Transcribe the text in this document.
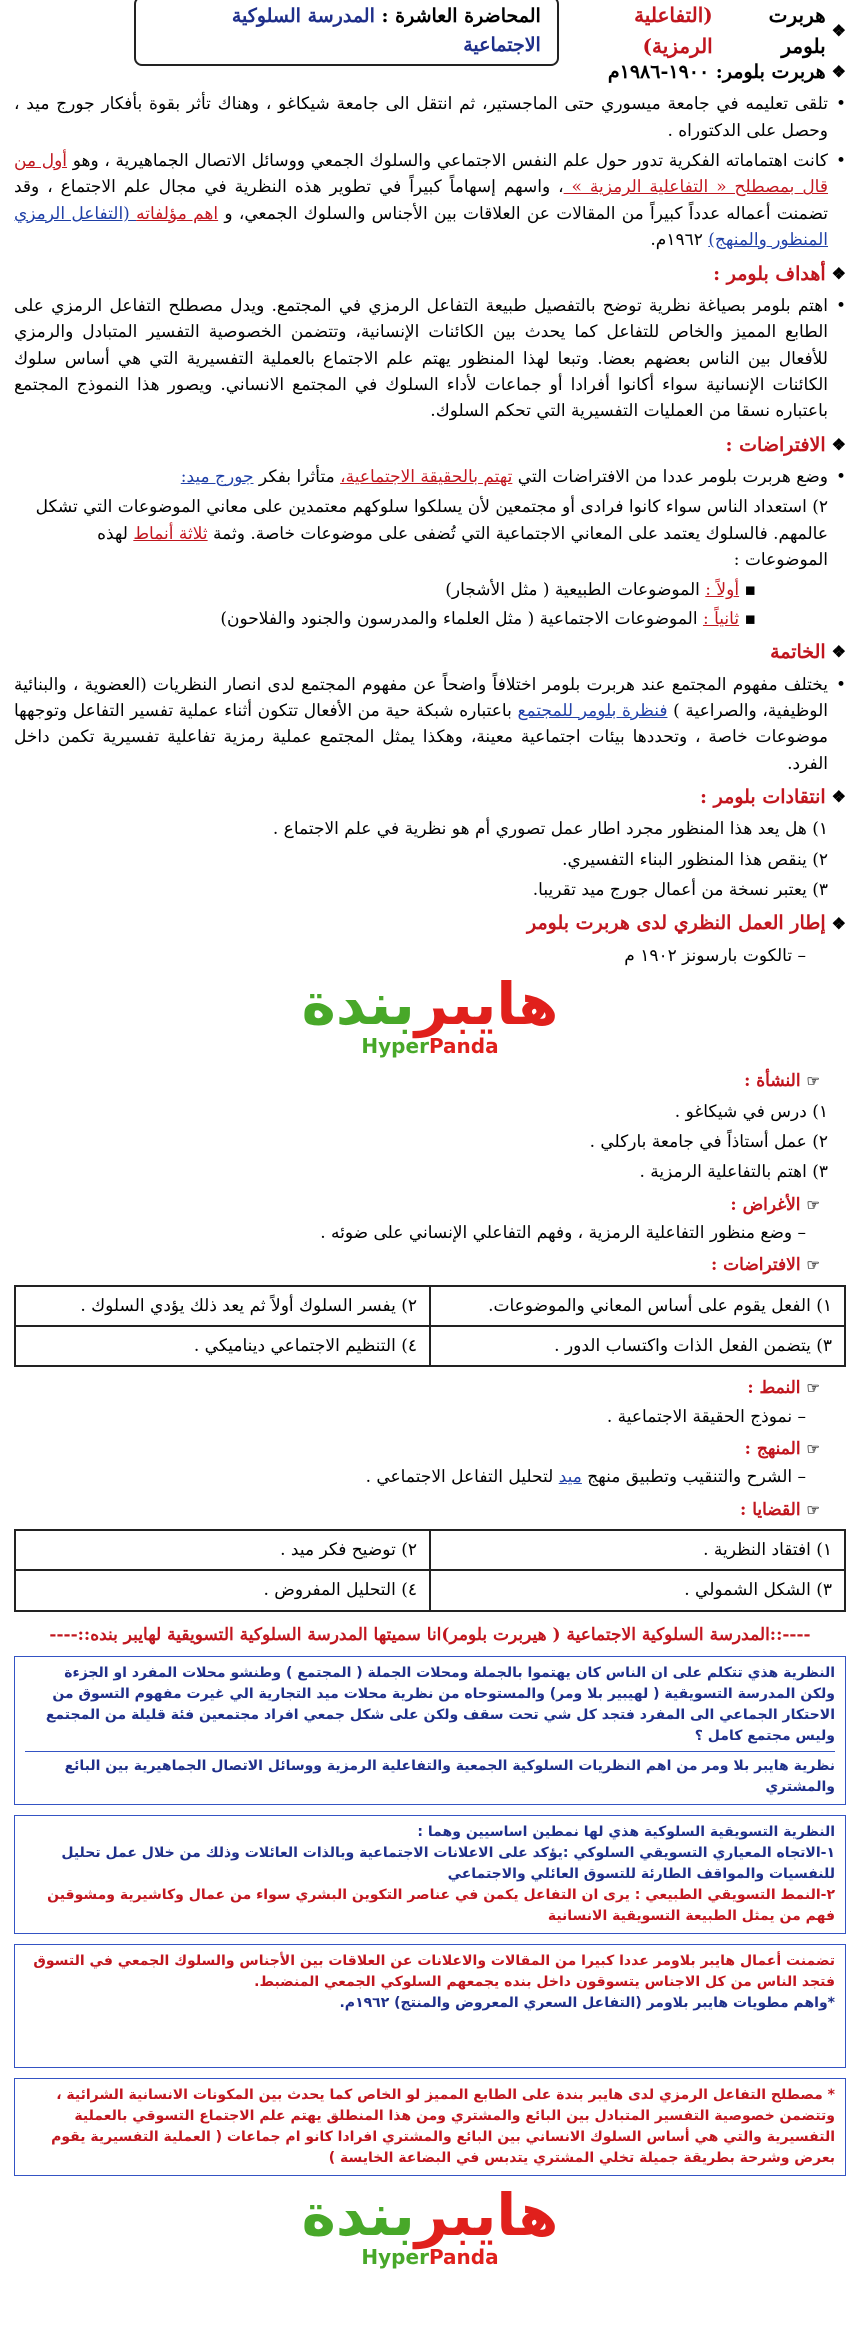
❖
هربرت بلومر
(التفاعلية الرمزية)
المحاضرة العاشرة : المدرسة السلوكية الاجتماعية
❖
هربرت بلومر: ١٩٠٠-١٩٨٦م

• تلقى تعليمه في جامعة ميسوري حتى الماجستير، ثم انتقل الى جامعة شيكاغو ، وهناك تأثر بقوة بأفكار جورج ميد ، وحصل على الدكتوراه .

• كانت اهتماماته الفكرية تدور حول علم النفس الاجتماعي والسلوك الجمعي ووسائل الاتصال الجماهيرية ، وهو أول من قال بمصطلح « التفاعلية الرمزية » ، واسهم إسهاماً كبيراً في تطوير هذه النظرية في مجال علم الاجتماع ، وقد تضمنت أعماله عدداً كبيراً من المقالات عن العلاقات بين الأجناس والسلوك الجمعي، و اهم مؤلفاته (التفاعل الرمزي المنظور والمنهج) ١٩٦٢م.

❖
أهداف بلومر :

• اهتم بلومر بصياغة نظرية توضح بالتفصيل طبيعة التفاعل الرمزي في المجتمع. ويدل مصطلح التفاعل الرمزي على الطابع المميز والخاص للتفاعل كما يحدث بين الكائنات الإنسانية، وتتضمن الخصوصية التفسير المتبادل والرمزي للأفعال بين الناس بعضهم بعضا. وتبعا لهذا المنظور يهتم علم الاجتماع بالعملية التفسيرية التي هي أساس سلوك الكائنات الإنسانية سواء أكانوا أفرادا أو جماعات لأداء السلوك في المجتمع الانساني. ويصور هذا النموذج المجتمع باعتباره نسقا من العمليات التفسيرية التي تحكم السلوك.

❖
الافتراضات :

• وضع هربرت بلومر عددا من الافتراضات التي تهتم بالحقيقة الاجتماعية، متأثرا بفكر جورج ميد:

٢) استعداد الناس سواء كانوا فرادى أو مجتمعين لأن يسلكوا سلوكهم معتمدين على معاني الموضوعات التي تشكل عالمهم. فالسلوك يعتمد على المعاني الاجتماعية التي تُضفى على موضوعات خاصة. وثمة ثلاثة أنماط لهذه الموضوعات :

▪ أولاً : الموضوعات الطبيعية ( مثل الأشجار)
▪ ثانياً : الموضوعات الاجتماعية ( مثل العلماء والمدرسون والجنود والفلاحون)
❖
الخاتمة

• يختلف مفهوم المجتمع عند هربرت بلومر اختلافاً واضحاً عن مفهوم المجتمع لدى انصار النظريات (العضوية ، والبنائية الوظيفية، والصراعية ) فنظرة بلومر للمجتمع باعتباره شبكة حية من الأفعال تتكون أثناء عملية تفسير التفاعل وتوجهها موضوعات خاصة ، وتحددها بيئات اجتماعية معينة، وهكذا يمثل المجتمع عملية رمزية تفاعلية تفسيرية تكمن داخل الفرد.

❖
انتقادات بلومر :
١) هل يعد هذا المنظور مجرد اطار عمل تصوري أم هو نظرية في علم الاجتماع .
٢) ينقص هذا المنظور البناء التفسيري.
٣) يعتبر نسخة من أعمال جورج ميد تقريبا.
❖
إطار العمل النظري لدى هربرت بلومر
– تالكوت بارسونز ١٩٠٢ م
هايبربندة
HyperPanda
☞النشأة :
١) درس في شيكاغو .
٢) عمل أستاذاً في جامعة باركلي .
٣) اهتم بالتفاعلية الرمزية .
☞الأغراض :
– وضع منظور التفاعلية الرمزية ، وفهم التفاعلي الإنساني على ضوئه .
☞الافتراضات :
١) الفعل يقوم على أساس المعاني والموضوعات.	٢) يفسر السلوك أولاً ثم يعد ذلك يؤدي السلوك .
٣) يتضمن الفعل الذات واكتساب الدور .	٤) التنظيم الاجتماعي ديناميكي .
☞النمط :
– نموذج الحقيقة الاجتماعية .
☞المنهج :
– الشرح والتنقيب وتطبيق منهج ميد لتحليل التفاعل الاجتماعي .
☞القضايا :
١) افتقاد النظرية .	٢) توضيح فكر ميد .
٣) الشكل الشمولي .	٤) التحليل المفروض .
----::المدرسة السلوكية الاجتماعية ( هيربرت بلومر)انا سميتها المدرسة السلوكية التسويقية لهايبر بنده::----
النظرية هذي تتكلم على ان الناس كان يهتموا بالجملة ومحلات الجملة ( المجتمع ) وطنشو محلات المفرد او الجزءة ولكن المدرسة التسويقية ( لهيبير بلا ومر) والمستوحاه من نظرية محلات ميد التجارية الي غيرت مفهوم التسوق من الاحتكار الجماعي الى المفرد فتجد كل شي تحت سقف ولكن على شكل جمعي افراد مجتمعين فئة قليلة من المجتمع وليس مجتمع كامل ؟
نظرية هايبر بلا ومر من اهم النظريات السلوكية الجمعية والتفاعلية الرمزية ووسائل الاتصال الجماهيرية بين البائع والمشتري
النظرية التسويقية السلوكية هذي لها نمطين اساسيين وهما :
١-الاتجاه المعياري التسويقي السلوكي :يؤكد على الاعلانات الاجتماعية وبالذات العائلات وذلك من خلال عمل تحليل للنفسيات والمواقف الطارئة للتسوق العائلي والاجتماعي
٢-النمط التسويقي الطبيعي : يرى ان التفاعل يكمن في عناصر التكوين البشري سواء من عمال وكاشيرية ومشوقين فهم من يمثل الطبيعة التسويقية الانسانية
تضمنت أعمال هايبر بلاومر عددا كبيرا من المقالات والاعلانات عن العلاقات بين الأجناس والسلوك الجمعي في التسوق فتجد الناس من كل الاجناس يتسوقون داخل بنده يجمعهم السلوكي الجمعي المنضبط.
*واهم مطويات هايبر بلاومر (التفاعل السعري المعروض والمنتج) ١٩٦٢م.
* مصطلح التفاعل الرمزي لدى هايبر بندة على الطابع المميز لو الخاص كما يحدث بين المكونات الانسانية الشرائية ، وتتضمن خصوصية التفسير المتبادل بين البائع والمشتري ومن هذا المنطلق يهتم علم الاجتماع التسوقي بالعملية التفسيرية والتي هي أساس السلوك الانساني بين البائع والمشتري افرادا كانو ام جماعات ( العملية التفسيرية يقوم بعرض وشرحة بطريقة جميلة تخلي المشتري يتدبس في البضاعة الخايسة )
هايبربندة
HyperPanda
